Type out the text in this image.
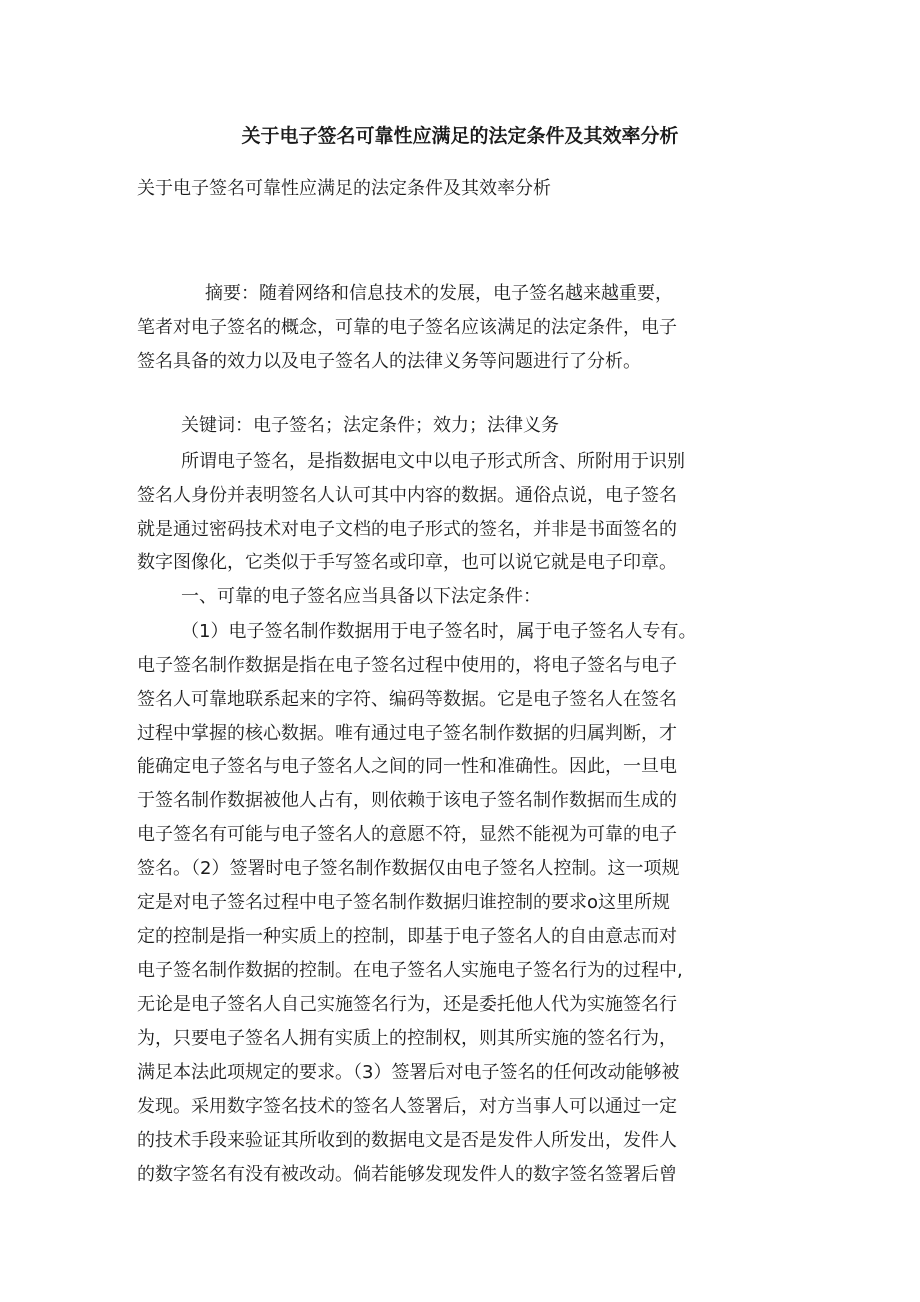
关于电子签名可靠性应满足的法定条件及其效率分析
关于电子签名可靠性应满足的法定条件及其效率分析
摘要：随着网络和信息技术的发展，电子签名越来越重要，
笔者对电子签名的概念，可靠的电子签名应该满足的法定条件，电子
签名具备的效力以及电子签名人的法律义务等问题进行了分析。
关键词：电子签名；法定条件；效力；法律义务
所谓电子签名，是指数据电文中以电子形式所含、所附用于识别
签名人身份并表明签名人认可其中内容的数据。通俗点说，电子签名
就是通过密码技术对电子文档的电子形式的签名，并非是书面签名的
数字图像化，它类似于手写签名或印章，也可以说它就是电子印章。
一、可靠的电子签名应当具备以下法定条件：
（1）电子签名制作数据用于电子签名时，属于电子签名人专有。
电子签名制作数据是指在电子签名过程中使用的，将电子签名与电子
签名人可靠地联系起来的字符、编码等数据。它是电子签名人在签名
过程中掌握的核心数据。唯有通过电子签名制作数据的归属判断，才
能确定电子签名与电子签名人之间的同一性和准确性。因此，一旦电
于签名制作数据被他人占有，则依赖于该电子签名制作数据而生成的
电子签名有可能与电子签名人的意愿不符，显然不能视为可靠的电子
签名。（2）签署时电子签名制作数据仅由电子签名人控制。这一项规
定是对电子签名过程中电子签名制作数据归谁控制的要求o这里所规
定的控制是指一种实质上的控制，即基于电子签名人的自由意志而对
电子签名制作数据的控制。在电子签名人实施电子签名行为的过程中,
无论是电子签名人自己实施签名行为，还是委托他人代为实施签名行
为，只要电子签名人拥有实质上的控制权，则其所实施的签名行为，
满足本法此项规定的要求。（3）签署后对电子签名的任何改动能够被
发现。采用数字签名技术的签名人签署后，对方当事人可以通过一定
的技术手段来验证其所收到的数据电文是否是发件人所发出，发件人
的数字签名有没有被改动。倘若能够发现发件人的数字签名签署后曾
